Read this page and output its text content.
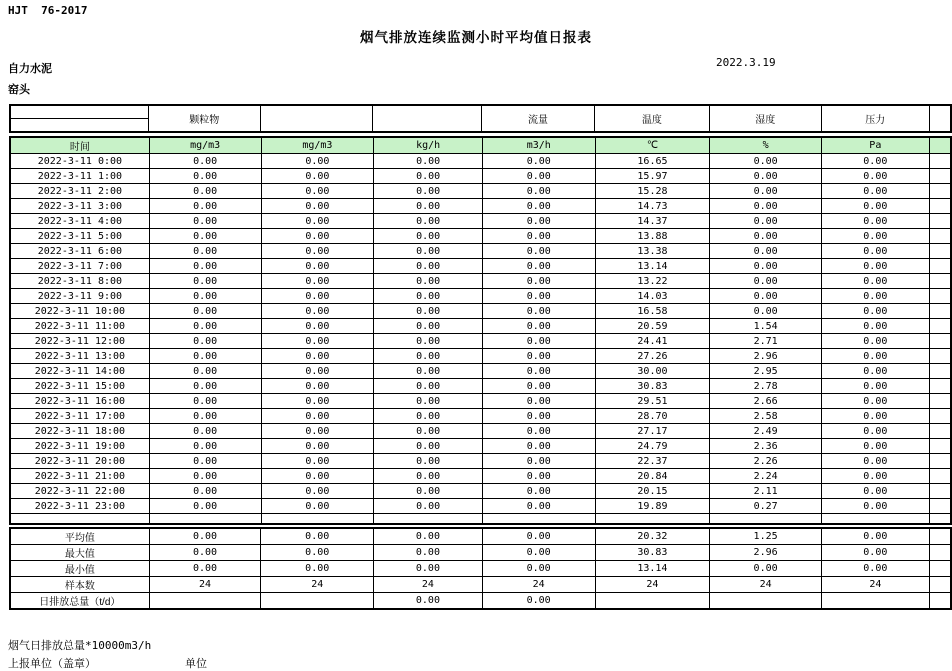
HJT  76-2017
烟气排放连续监测小时平均值日报表
自力水泥
窑头
2022.3.19
	颗粒物			流量	温度	湿度	压力	

时间	mg/m3	mg/m3	kg/h	m3/h	℃	%	Pa	
2022-3-11 0:00	0.00	0.00	0.00	0.00	16.65	0.00	0.00	
2022-3-11 1:00	0.00	0.00	0.00	0.00	15.97	0.00	0.00	
2022-3-11 2:00	0.00	0.00	0.00	0.00	15.28	0.00	0.00	
2022-3-11 3:00	0.00	0.00	0.00	0.00	14.73	0.00	0.00	
2022-3-11 4:00	0.00	0.00	0.00	0.00	14.37	0.00	0.00	
2022-3-11 5:00	0.00	0.00	0.00	0.00	13.88	0.00	0.00	
2022-3-11 6:00	0.00	0.00	0.00	0.00	13.38	0.00	0.00	
2022-3-11 7:00	0.00	0.00	0.00	0.00	13.14	0.00	0.00	
2022-3-11 8:00	0.00	0.00	0.00	0.00	13.22	0.00	0.00	
2022-3-11 9:00	0.00	0.00	0.00	0.00	14.03	0.00	0.00	
2022-3-11 10:00	0.00	0.00	0.00	0.00	16.58	0.00	0.00	
2022-3-11 11:00	0.00	0.00	0.00	0.00	20.59	1.54	0.00	
2022-3-11 12:00	0.00	0.00	0.00	0.00	24.41	2.71	0.00	
2022-3-11 13:00	0.00	0.00	0.00	0.00	27.26	2.96	0.00	
2022-3-11 14:00	0.00	0.00	0.00	0.00	30.00	2.95	0.00	
2022-3-11 15:00	0.00	0.00	0.00	0.00	30.83	2.78	0.00	
2022-3-11 16:00	0.00	0.00	0.00	0.00	29.51	2.66	0.00	
2022-3-11 17:00	0.00	0.00	0.00	0.00	28.70	2.58	0.00	
2022-3-11 18:00	0.00	0.00	0.00	0.00	27.17	2.49	0.00	
2022-3-11 19:00	0.00	0.00	0.00	0.00	24.79	2.36	0.00	
2022-3-11 20:00	0.00	0.00	0.00	0.00	22.37	2.26	0.00	
2022-3-11 21:00	0.00	0.00	0.00	0.00	20.84	2.24	0.00	
2022-3-11 22:00	0.00	0.00	0.00	0.00	20.15	2.11	0.00	
2022-3-11 23:00	0.00	0.00	0.00	0.00	19.89	0.27	0.00	

平均值	0.00	0.00	0.00	0.00	20.32	1.25	0.00	
最大值	0.00	0.00	0.00	0.00	30.83	2.96	0.00	
最小值	0.00	0.00	0.00	0.00	13.14	0.00	0.00	
样本数	24	24	24	24	24	24	24	
日排放总量（t/d）			0.00	0.00				
烟气日排放总量*10000m3/h
上报单位（盖章）	单位
